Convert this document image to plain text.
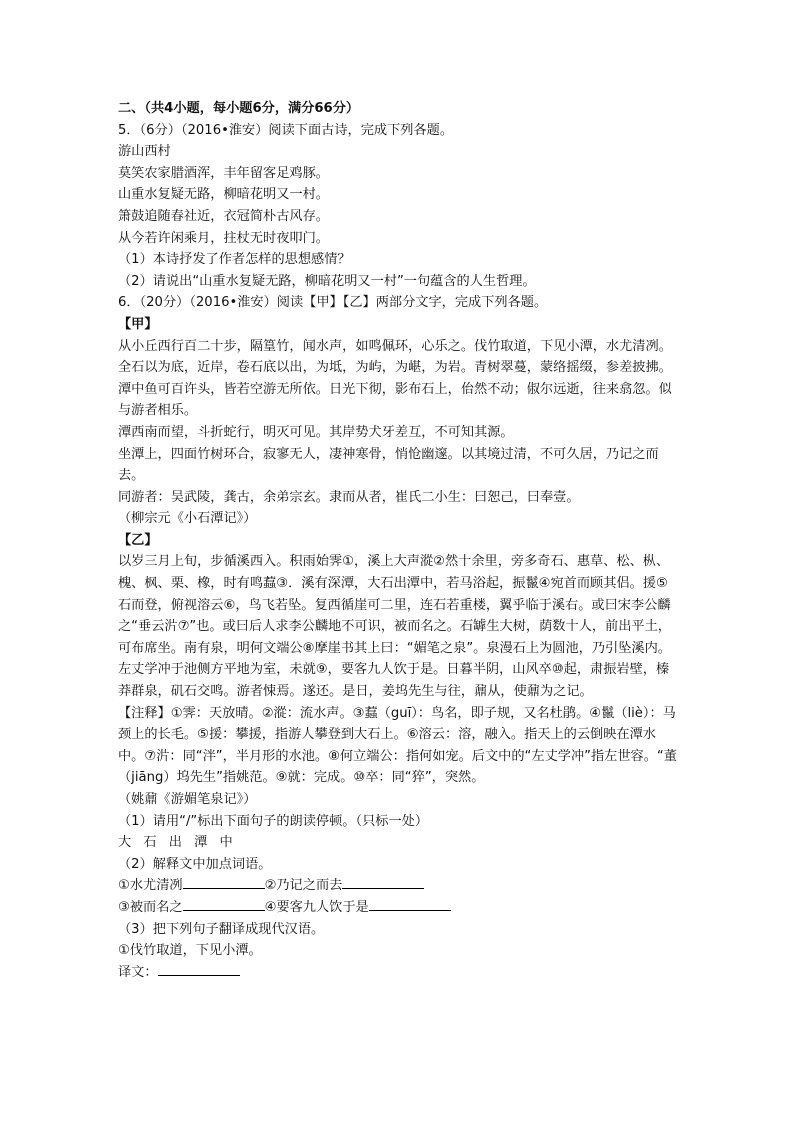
二、（共4小题，每小题6分，满分66分）

5．（6分）（2016•淮安）阅读下面古诗，完成下列各题。

游山西村

莫笑农家腊酒浑，丰年留客足鸡豚。

山重水复疑无路，柳暗花明又一村。

箫鼓追随春社近，衣冠简朴古风存。

从今若许闲乘月，拄杖无时夜叩门。

（1）本诗抒发了作者怎样的思想感情？

（2）请说出“山重水复疑无路，柳暗花明又一村”一句蕴含的人生哲理。

6．（20分）（2016•淮安）阅读【甲】【乙】两部分文字，完成下列各题。

【甲】

从小丘西行百二十步，隔篁竹，闻水声，如鸣佩环，心乐之。伐竹取道，下见小潭，水尤清冽。全石以为底，近岸，卷石底以出，为坻，为屿，为嵁，为岩。青树翠蔓，蒙络摇缀，参差披拂。

潭中鱼可百许头，皆若空游无所依。日光下彻，影布石上，佁然不动；俶尔远逝，往来翕忽。似与游者相乐。

潭西南而望，斗折蛇行，明灭可见。其岸势犬牙差互，不可知其源。

坐潭上，四面竹树环合，寂寥无人，凄神寒骨，悄怆幽邃。以其境过清，不可久居，乃记之而去。

同游者：吴武陵，龚古，余弟宗玄。隶而从者，崔氏二小生：曰恕己，曰奉壹。

（柳宗元《小石潭记》）

【乙】

以岁三月上旬，步循溪西入。积雨始霁①，溪上大声漎②然十余里，旁多奇石、惠草、松、枞、槐、枫、栗、橡，时有鸣蠚③．溪有深潭，大石出潭中，若马浴起，振鬣④宛首而顾其侣。援⑤石而登，俯视溶云⑥，鸟飞若坠。复西循崖可二里，连石若重楼，翼乎临于溪右。或曰宋李公麟之“垂云沜⑦”也。或曰后人求李公麟地不可识，被而名之。石罅生大树，荫数十人，前出平土，可布席坐。南有泉，明何文端公⑧摩崖书其上曰：“媚笔之泉”。泉漫石上为圆池，乃引坠溪内。

左丈学冲于池侧方平地为室，未就⑨，要客九人饮于是。日暮半阴，山风卒⑩起，肃振岩壁，榛莽群泉，矶石交鸣。游者悚焉。遂还。是日，姜坞先生与往，鼐从，使鼐为之记。

【注释】①霁：天放晴。②漎：流水声。③蠚（guī）：鸟名，即子规，又名杜鹃。④鬣（liè）：马颈上的长毛。⑤援：攀援，指游人攀登到大石上。⑥溶云：溶，融入。指天上的云倒映在潭水中。⑦沜：同“泮”，半月形的水池。⑧何立端公：指何如宠。后文中的“左丈学冲”指左世容。“董（jiāng）坞先生”指姚范。⑨就：完成。⑩卒：同“猝”，突然。

（姚鼐《游媚笔泉记》）

（1）请用“/”标出下面句子的朗读停顿。（只标一处）

大 石 出 潭 中

（2）解释文中加点词语。

①水尤清冽	②乃记之而去

③被而名之	④要客九人饮于是

（3）把下列句子翻译成现代汉语。

①伐竹取道，下见小潭。

译文：
